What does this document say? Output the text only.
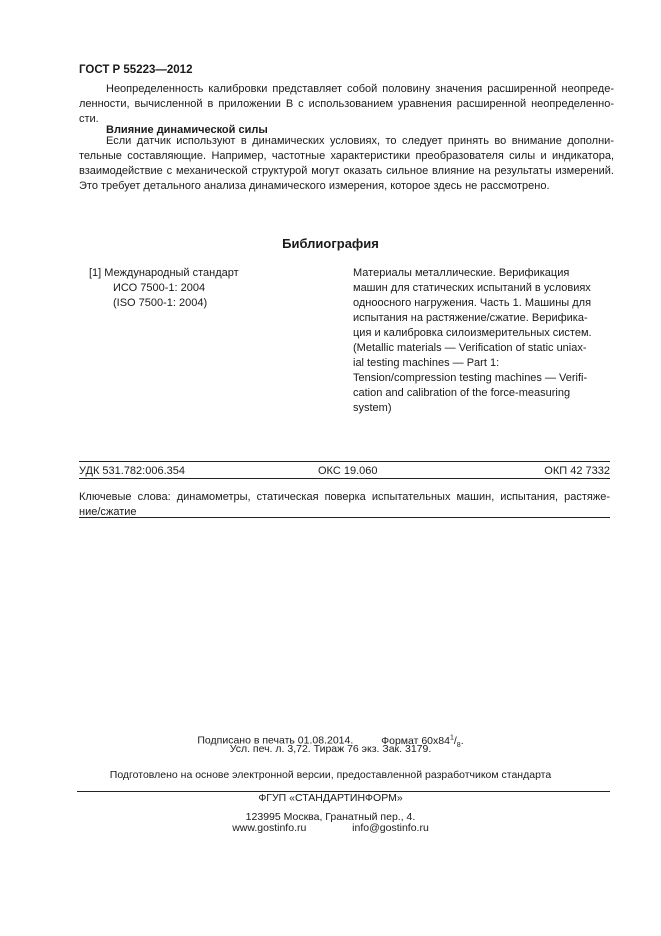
ГОСТ Р 55223—2012
Неопределенность калибровки представляет собой половину значения расширенной неопреде-
ленности, вычисленной в приложении В с использованием уравнения расширенной неопределенно-
сти.
Влияние динамической силы
Если датчик используют в динамических условиях, то следует принять во внимание дополни-
тельные составляющие. Например, частотные характеристики преобразователя силы и индикатора,
взаимодействие с механической структурой могут оказать сильное влияние на результаты измерений.
Это требует детального анализа динамического измерения, которое здесь не рассмотрено.
Библиография
[1] Международный стандарт
ИСО 7500-1: 2004
(ISO 7500-1: 2004)
Материалы металлические. Верификация
машин для статических испытаний в условиях
одноосного нагружения. Часть 1. Машины для
испытания на растяжение/сжатие. Верифика-
ция и калибровка силоизмерительных систем.
(Metallic materials — Verification of static uniax-
ial testing machines — Part 1:
Tension/compression testing machines — Verifi-
cation and calibration of the force-measuring
system)
УДК 531.782:006.354	ОКС 19.060	ОКП 42 7332
Ключевые слова: динамометры, статическая поверка испытательных машин, испытания, растяже-
ние/сжатие
Подписано в печать 01.08.2014.	Формат $60х84^1/_8$.
Усл. печ. л. 3,72. Тираж 76 экз. Зак. 3179.
Подготовлено на основе электронной версии, предоставленной разработчиком стандарта
ФГУП «СТАНДАРТИНФОРМ»
123995 Москва, Гранатный пер., 4.
www.gostinfo.ru	info@gostinfo.ru
